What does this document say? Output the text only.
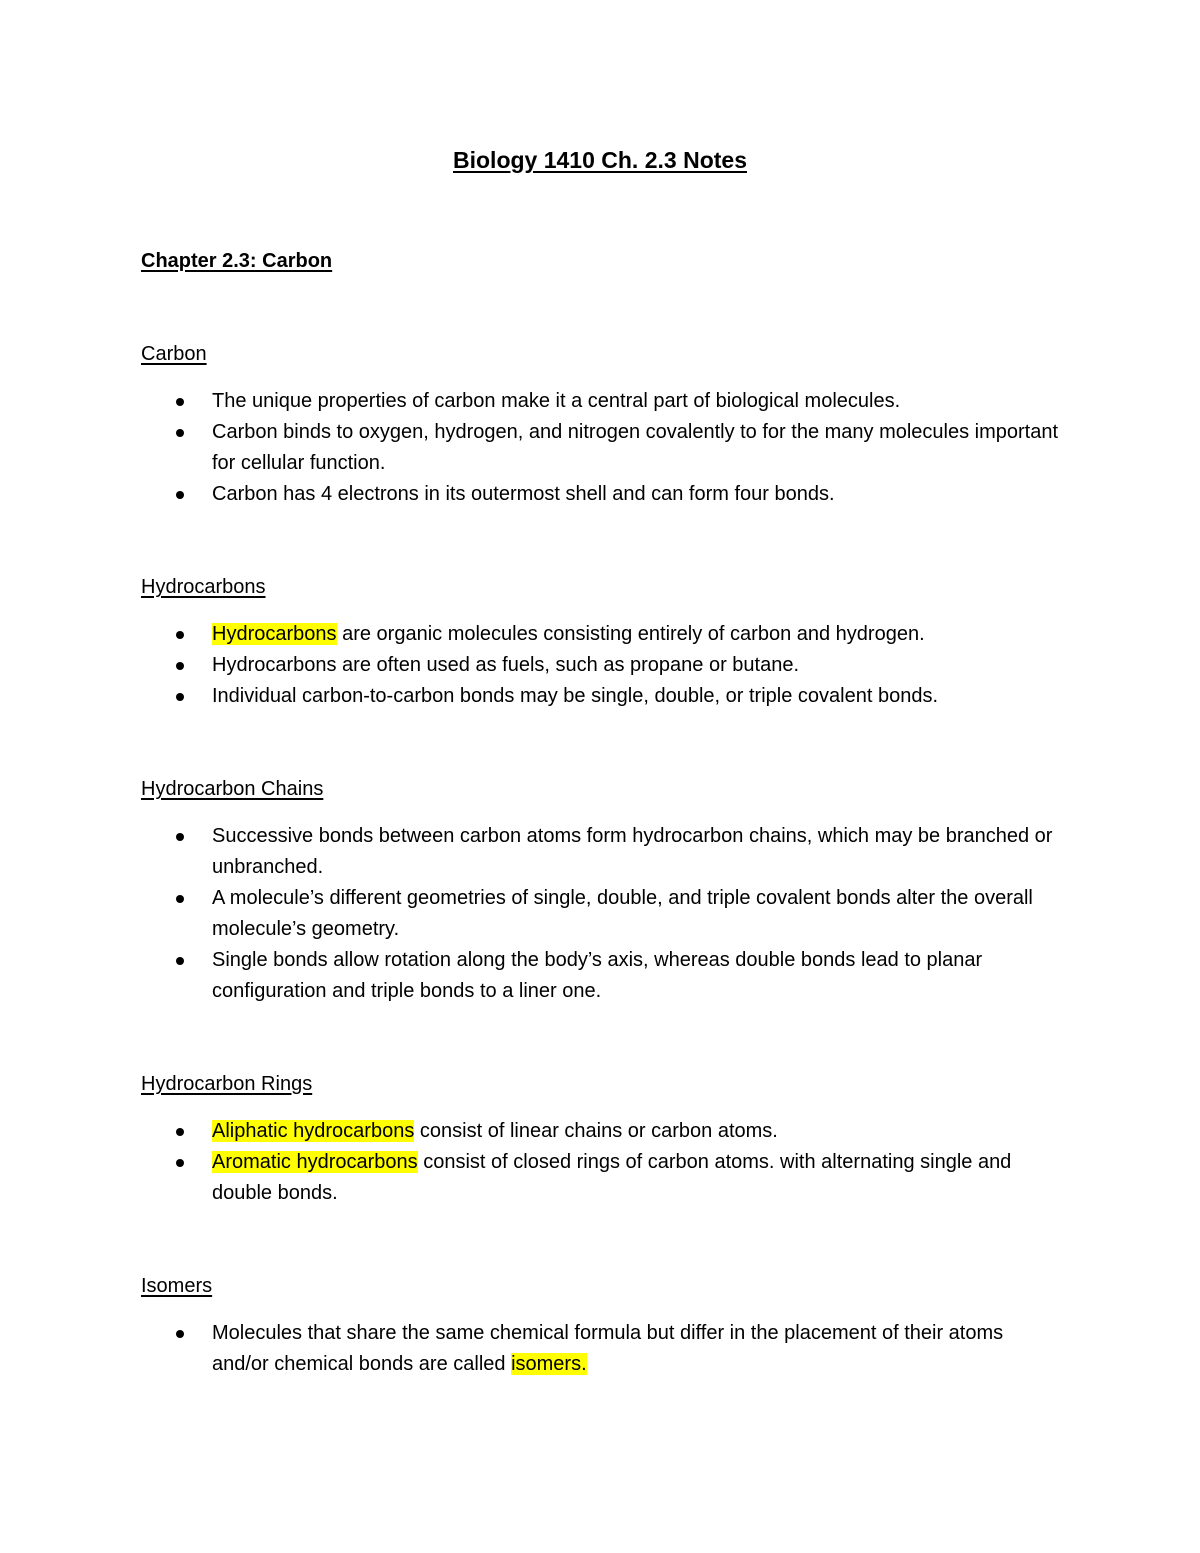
Biology 1410 Ch. 2.3 Notes
Chapter 2.3: Carbon
Carbon
The unique properties of carbon make it a central part of biological molecules.
Carbon binds to oxygen, hydrogen, and nitrogen covalently to for the many molecules important for cellular function.
Carbon has 4 electrons in its outermost shell and can form four bonds.
Hydrocarbons
Hydrocarbons are organic molecules consisting entirely of carbon and hydrogen.
Hydrocarbons are often used as fuels, such as propane or butane.
Individual carbon-to-carbon bonds may be single, double, or triple covalent bonds.
Hydrocarbon Chains
Successive bonds between carbon atoms form hydrocarbon chains, which may be branched or unbranched.
A molecule’s different geometries of single, double, and triple covalent bonds alter the overall molecule’s geometry.
Single bonds allow rotation along the body’s axis, whereas double bonds lead to planar configuration and triple bonds to a liner one.
Hydrocarbon Rings
Aliphatic hydrocarbons consist of linear chains or carbon atoms.
Aromatic hydrocarbons consist of closed rings of carbon atoms. with alternating single and double bonds.
Isomers
Molecules that share the same chemical formula but differ in the placement of their atoms and/or chemical bonds are called isomers.
